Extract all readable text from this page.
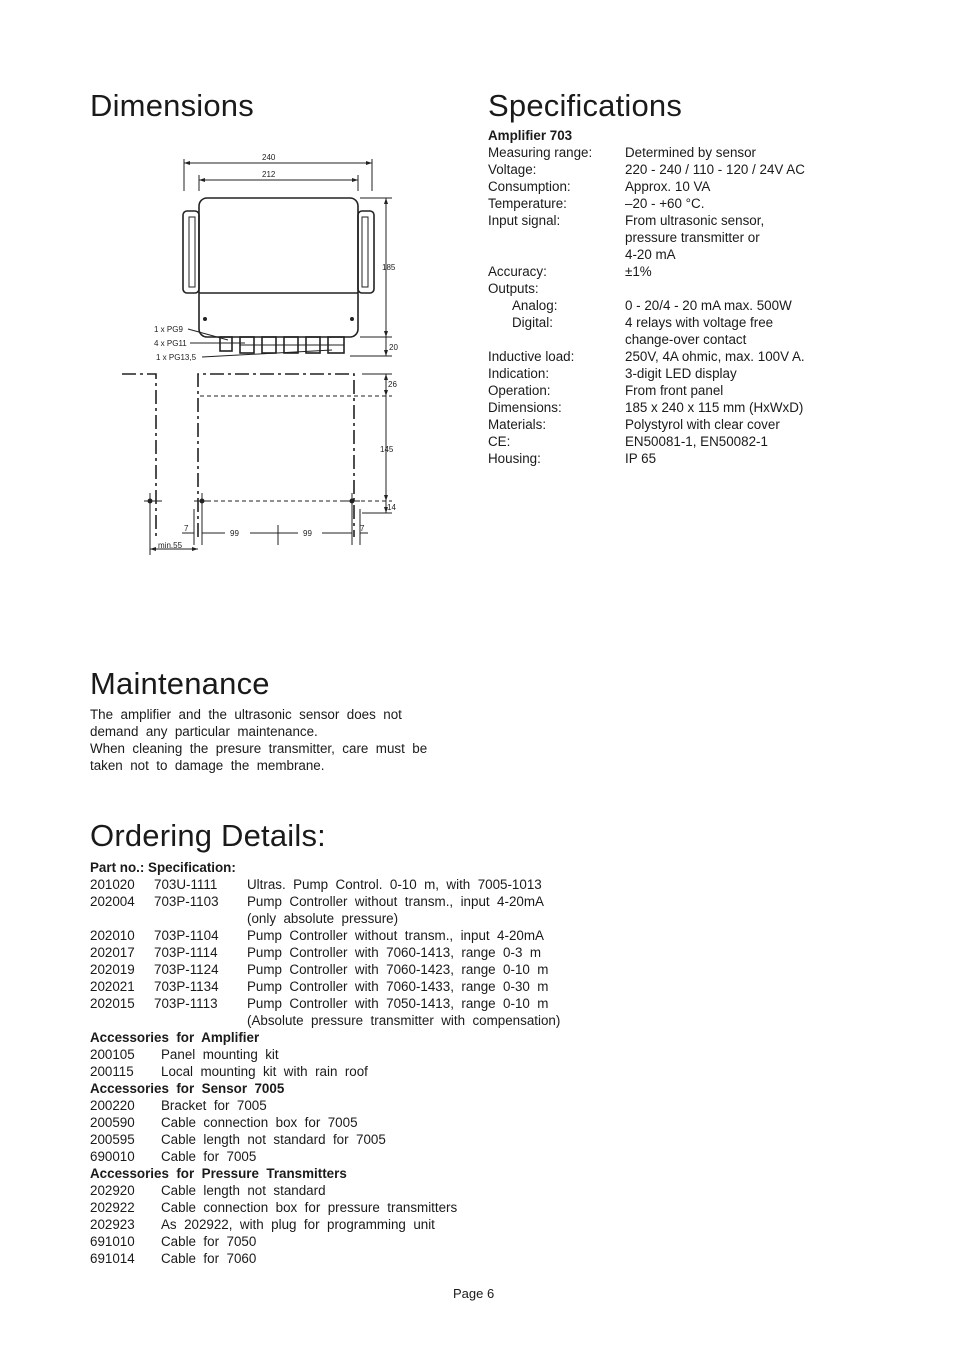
Dimensions
240
212
1 x PG9
4 x PG11
1 x PG13,5
185
20
26
145
14
7
99	99
7
min.55
Specifications
Amplifier 703
Measuring range: Determined by sensor
Voltage:	220 - 240 / 110 - 120 / 24V AC
Consumption:	Approx. 10 VA
Temperature:	–20 - +60 °C.
Input signal:	From ultrasonic sensor,
pressure transmitter or
4-20 mA
Accuracy:	±1%
Outputs:
Analog:	0 - 20/4 - 20 mA max. 500W
Digital:	4 relays with voltage free
change-over contact
Inductive load:	250V, 4A ohmic, max. 100V A.
Indication:	3-digit LED display
Operation:	From front panel
Dimensions:	185 x 240 x 115 mm (HxWxD)
Materials:	Polystyrol with clear cover
CE:	EN50081-1, EN50082-1
Housing:	IP 65
Maintenance
The  amplifier  and  the  ultrasonic  sensor  does  not
demand  any  particular  maintenance.
When  cleaning  the  presure  transmitter,  care  must  be
taken  not  to  damage  the  membrane.
Ordering Details:
Part no.: Specification:
201020 703U-1111 Ultras.  Pump  Control.  0-10  m,  with  7005-1013
202004 703P-1103 Pump  Controller  without  transm.,  input  4-20mA
(only  absolute  pressure)
202010 703P-1104 Pump  Controller  without  transm.,  input  4-20mA
202017 703P-1114 Pump  Controller  with  7060-1413,  range  0-3  m
202019 703P-1124 Pump  Controller  with  7060-1423,  range  0-10  m
202021 703P-1134 Pump  Controller  with  7060-1433,  range  0-30  m
202015 703P-1113 Pump  Controller  with  7050-1413,  range  0-10  m
(Absolute  pressure  transmitter  with  compensation)
Accessories  for  Amplifier
200105 Panel  mounting  kit
200115 Local  mounting  kit  with  rain  roof
Accessories  for  Sensor  7005
200220 Bracket  for  7005
200590 Cable  connection  box  for  7005
200595 Cable  length  not  standard  for  7005
690010 Cable  for  7005
Accessories  for  Pressure  Transmitters
202920 Cable  length  not  standard
202922 Cable  connection  box  for  pressure  transmitters
202923 As  202922,  with  plug  for  programming  unit
691010 Cable  for  7050
691014 Cable  for  7060
Page 6
